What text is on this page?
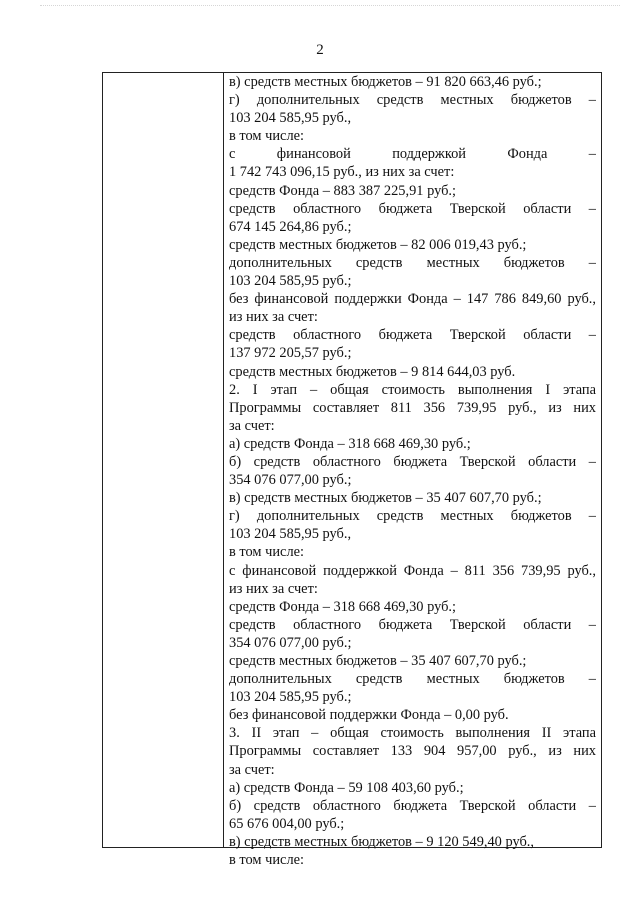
2
в) средств местных бюджетов – 91 820 663,46 руб.;
г) дополнительных средств местных бюджетов –
103 204 585,95 руб.,
в том числе:
с финансовой поддержкой Фонда –
1 742 743 096,15 руб., из них за счет:
средств Фонда – 883 387 225,91 руб.;
средств областного бюджета Тверской области –
674 145 264,86 руб.;
средств местных бюджетов – 82 006 019,43 руб.;
дополнительных средств местных бюджетов –
103 204 585,95 руб.;
без финансовой поддержки Фонда – 147 786 849,60 руб.,
из них за счет:
средств областного бюджета Тверской области –
137 972 205,57 руб.;
средств местных бюджетов – 9 814 644,03 руб.
2. I этап – общая стоимость выполнения I этапа
Программы составляет 811 356 739,95 руб., из них
за счет:
а) средств Фонда – 318 668 469,30 руб.;
б) средств областного бюджета Тверской области –
354 076 077,00 руб.;
в) средств местных бюджетов – 35 407 607,70 руб.;
г) дополнительных средств местных бюджетов –
103 204 585,95 руб.,
в том числе:
с финансовой поддержкой Фонда – 811 356 739,95 руб.,
из них за счет:
средств Фонда – 318 668 469,30 руб.;
средств областного бюджета Тверской области –
354 076 077,00 руб.;
средств местных бюджетов – 35 407 607,70 руб.;
дополнительных средств местных бюджетов –
103 204 585,95 руб.;
без финансовой поддержки Фонда – 0,00 руб.
3. II этап – общая стоимость выполнения II этапа
Программы составляет 133 904 957,00 руб., из них
за счет:
а) средств Фонда – 59 108 403,60 руб.;
б) средств областного бюджета Тверской области –
65 676 004,00 руб.;
в) средств местных бюджетов – 9 120 549,40 руб.,
в том числе:
